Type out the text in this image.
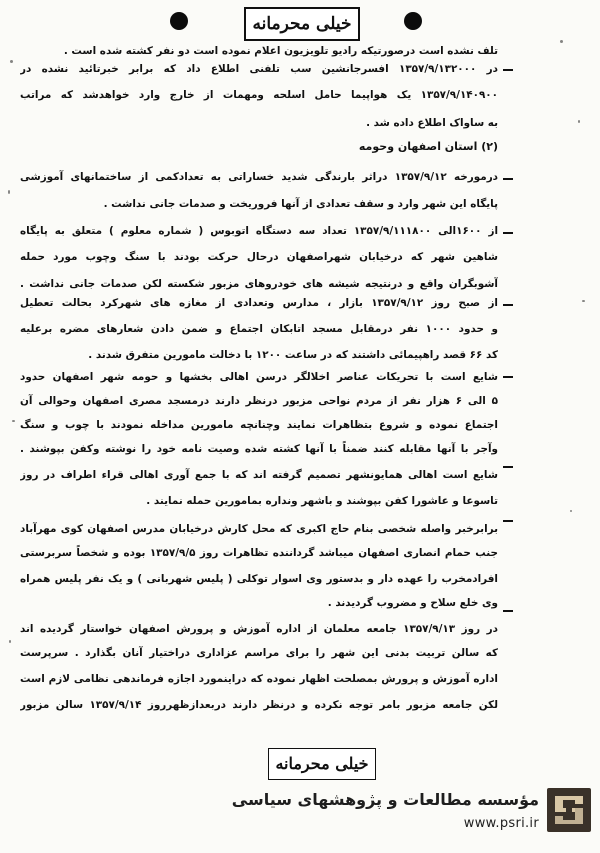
خیلی محرمانه
تلف نشده است درصورتیکه رادیو تلویزیون اعلام نموده است دو نفر کشته شده است .
در ۱۳۵۷/۹/۱۳۲۰۰۰ افسرجانشین سب تلفنی اطلاع داد که برابر خبرتائید نشده در
۱۳۵۷/۹/۱۴۰۹۰۰ یک هواپیما حامل اسلحه ومهمات از خارج وارد خواهدشد که مراتب
به ساواک اطلاع داده شد .
(۲) استان اصفهان وحومه
درمورخه ۱۳۵۷/۹/۱۲ دراثر بارندگی شدید خساراتی به تعدادکمی از ساختمانهای آموزشی
پایگاه این شهر وارد و سقف تعدادی از آنها فروریخت و صدمات جانی نداشت .
از ۱۶۰۰الی ۱۳۵۷/۹/۱۱۱۸۰۰ تعداد سه دستگاه اتوبوس ( شماره معلوم ) متعلق به پایگاه
شاهین شهر که درخیابان شهراصفهان درحال حرکت بودند با سنگ وچوب مورد حمله
آشوبگران واقع و درنتیجه شیشه های خودروهای مزبور شکسته لکن صدمات جانی نداشت .
از صبح روز ۱۳۵۷/۹/۱۲ بازار ، مدارس وتعدادی از مغازه های شهرکرد بحالت تعطیل
و حدود ۱۰۰۰ نفر درمقابل مسجد اتابکان اجتماع و ضمن دادن شعارهای مضره برعلیه
کد ۶۶ قصد راهپیمائی داشتند که در ساعت ۱۲۰۰ با دخالت مامورین متفرق شدند .
شایع است با تحریکات عناصر اخلالگر درسن اهالی بخشها و حومه شهر اصفهان حدود
۵ الی ۶ هزار نفر از مردم نواحی مزبور درنظر دارند درمسجد مصری اصفهان وحوالی آن
اجتماع نموده و شروع بتظاهرات نمایند وچنانچه مامورین مداخله نمودند با چوب و سنگ
وآجر با آنها مقابله کنند ضمناً با آنها کشته شده وصیت نامه خود را نوشته وکفن بپوشند .
شایع است اهالی همایونشهر تصمیم گرفته اند که با جمع آوری اهالی قراء اطراف در روز
تاسوعا و عاشورا کفن بپوشند و باشهر ونداره بمامورین حمله نمایند .
برابرخبر واصله شخصی بنام حاج اکبری که محل کارش درخیابان مدرس اصفهان کوی مهرآباد
جنب حمام انصاری اصفهان میباشد گرداننده تظاهرات روز ۱۳۵۷/۹/۵ بوده و شخصاً سربرستی
افرادمخرب را عهده دار و بدستور وی اسوار توکلی ( پلیس شهربانی ) و یک نفر پلیس همراه
وی خلع سلاح و مضروب گردیدند .
در روز ۱۳۵۷/۹/۱۳ جامعه معلمان از اداره آموزش و پرورش اصفهان خواستار گردیده اند
که سالن تربیت بدنی این شهر را برای مراسم عزاداری دراختیار آنان بگذارد . سرپرست
اداره آموزش و پرورش بمصلحت اظهار نموده که دراینمورد اجازه فرماندهی نظامی لازم است
لکن جامعه مزبور بامر توجه نکرده و درنظر دارند دربعدازظهرروز ۱۳۵۷/۹/۱۴ سالن مزبور
خیلی محرمانه
مؤسسه مطالعات و پژوهشهای سیاسی
www.psri.ir
